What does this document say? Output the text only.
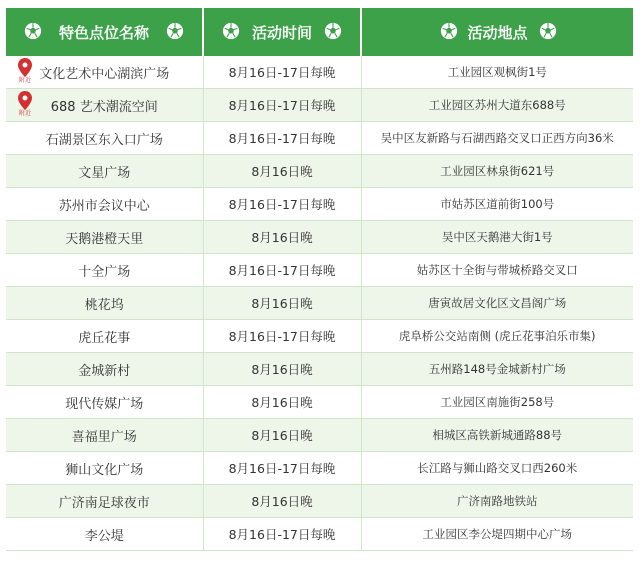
特色点位名称	活动时间	活动地点

附近 文化艺术中心湖滨广场	8月16日-17日每晚	工业园区观枫街1号

附近 688 艺术潮流空间	8月16日-17日每晚	工业园区苏州大道东688号
石湖景区东入口广场	8月16日-17日每晚	吴中区友新路与石湖西路交叉口正西方向36米
文星广场	8月16日晚	工业园区林泉街621号
苏州市会议中心	8月16日-17日每晚	市姑苏区道前街100号
天鹅港橙天里	8月16日晚	吴中区天鹅港大街1号
十全广场	8月16日-17日每晚	姑苏区十全街与带城桥路交叉口
桃花坞	8月16日晚	唐寅故居文化区文昌阁广场
虎丘花事	8月16日-17日每晚	虎阜桥公交站南侧 (虎丘花事泊乐市集)
金城新村	8月16日晚	五州路148号金城新村广场
现代传媒广场	8月16日晚	工业园区南施街258号
喜福里广场	8月16日晚	相城区高铁新城通路88号
狮山文化广场	8月16日-17日每晚	长江路与狮山路交叉口西260米
广济南足球夜市	8月16日晚	广济南路地铁站
李公堤	8月16日-17日每晚	工业园区李公堤四期中心广场
